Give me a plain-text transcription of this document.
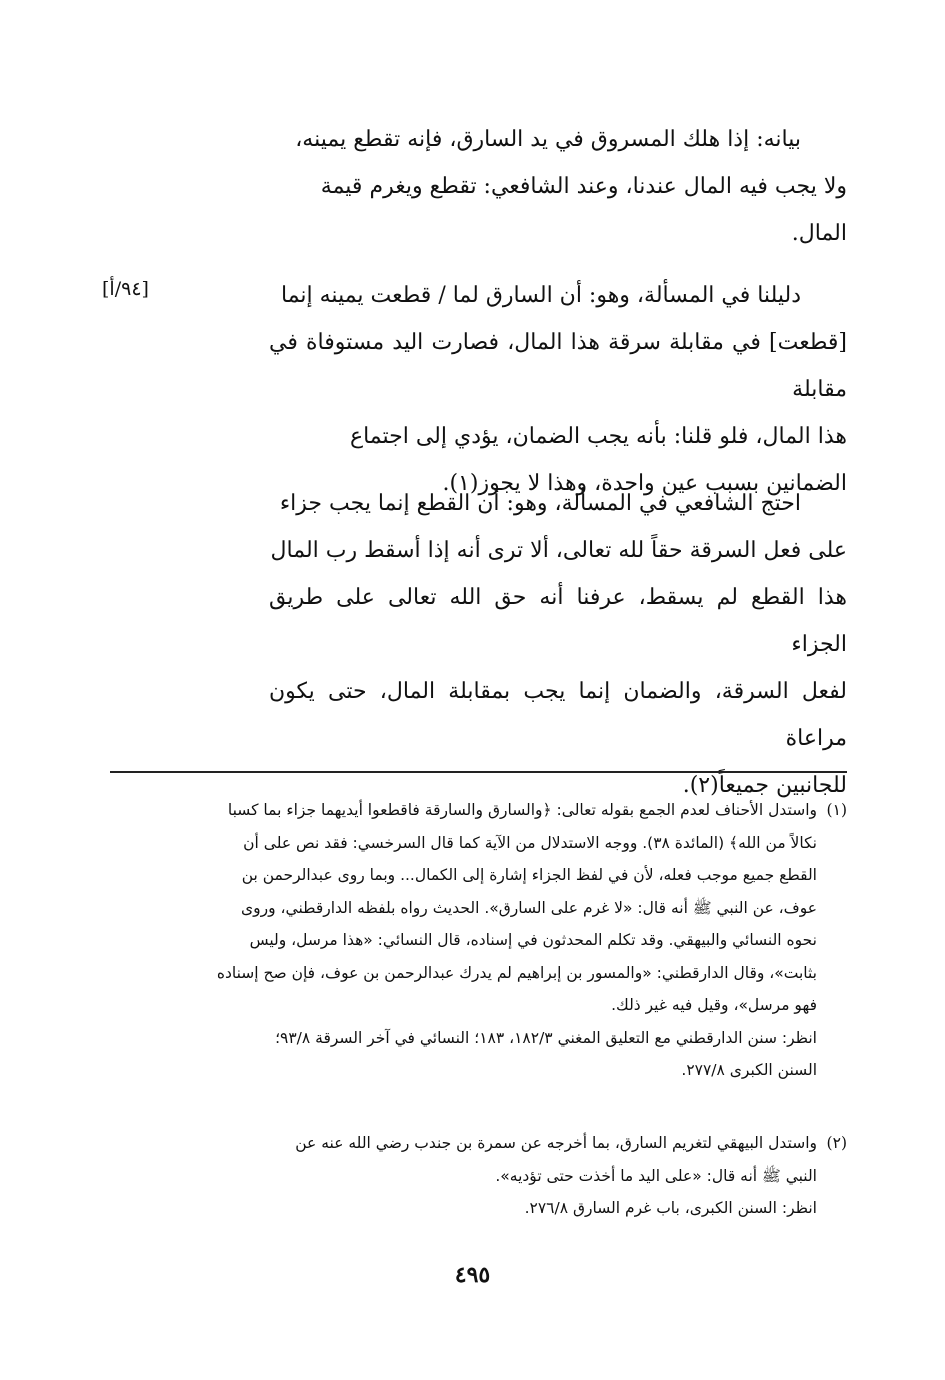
بيانه: إذا هلك المسروق في يد السارق، فإنه تقطع يمينه،
ولا يجب فيه المال عندنا، وعند الشافعي: تقطع ويغرم قيمة
المال.
[٩٤/أ]	دليلنا في المسألة، وهو: أن السارق لما / قطعت يمينه إنما
[قطعت] في مقابلة سرقة هذا المال، فصارت اليد مستوفاة في مقابلة
هذا المال، فلو قلنا: بأنه يجب الضمان، يؤدي إلى اجتماع
الضمانين بسبب عين واحدة، وهذا لا يجوز(١).
احتج الشافعي في المسألة، وهو: أن القطع إنما يجب جزاء
على فعل السرقة حقاً لله تعالى، ألا ترى أنه إذا أسقط رب المال
هذا القطع لم يسقط، عرفنا أنه حق الله تعالى على طريق الجزاء
لفعل السرقة، والضمان إنما يجب بمقابلة المال، حتى يكون مراعاة
للجانبين جميعاً(٢).
(١)واستدل الأحناف لعدم الجمع بقوله تعالى: ﴿والسارق والسارقة فاقطعوا أيديهما جزاء بما كسبا
نكالاً من الله﴾ (المائدة ٣٨). ووجه الاستدلال من الآية كما قال السرخسي: فقد نص على أن
القطع جميع موجب فعله، لأن في لفظ الجزاء إشارة إلى الكمال... وبما روى عبدالرحمن بن
عوف، عن النبي ﷺ أنه قال: «لا غرم على السارق». الحديث رواه بلفظه الدارقطني، وروى
نحوه النسائي والبيهقي. وقد تكلم المحدثون في إسناده، قال النسائي: «هذا مرسل، وليس
بثابت»، وقال الدارقطني: «والمسور بن إبراهيم لم يدرك عبدالرحمن بن عوف، فإن صح إسناده
فهو مرسل»، وقيل فيه غير ذلك.
انظر: سنن الدارقطني مع التعليق المغني ١٨٢/٣، ١٨٣؛ النسائي في آخر السرقة ٩٣/٨؛
السنن الكبرى ٢٧٧/٨.
(٢)واستدل البيهقي لتغريم السارق، بما أخرجه عن سمرة بن جندب رضي الله عنه عن
النبي ﷺ أنه قال: «على اليد ما أخذت حتى تؤديه».
انظر: السنن الكبرى، باب غرم السارق ٢٧٦/٨.
٤٩٥
